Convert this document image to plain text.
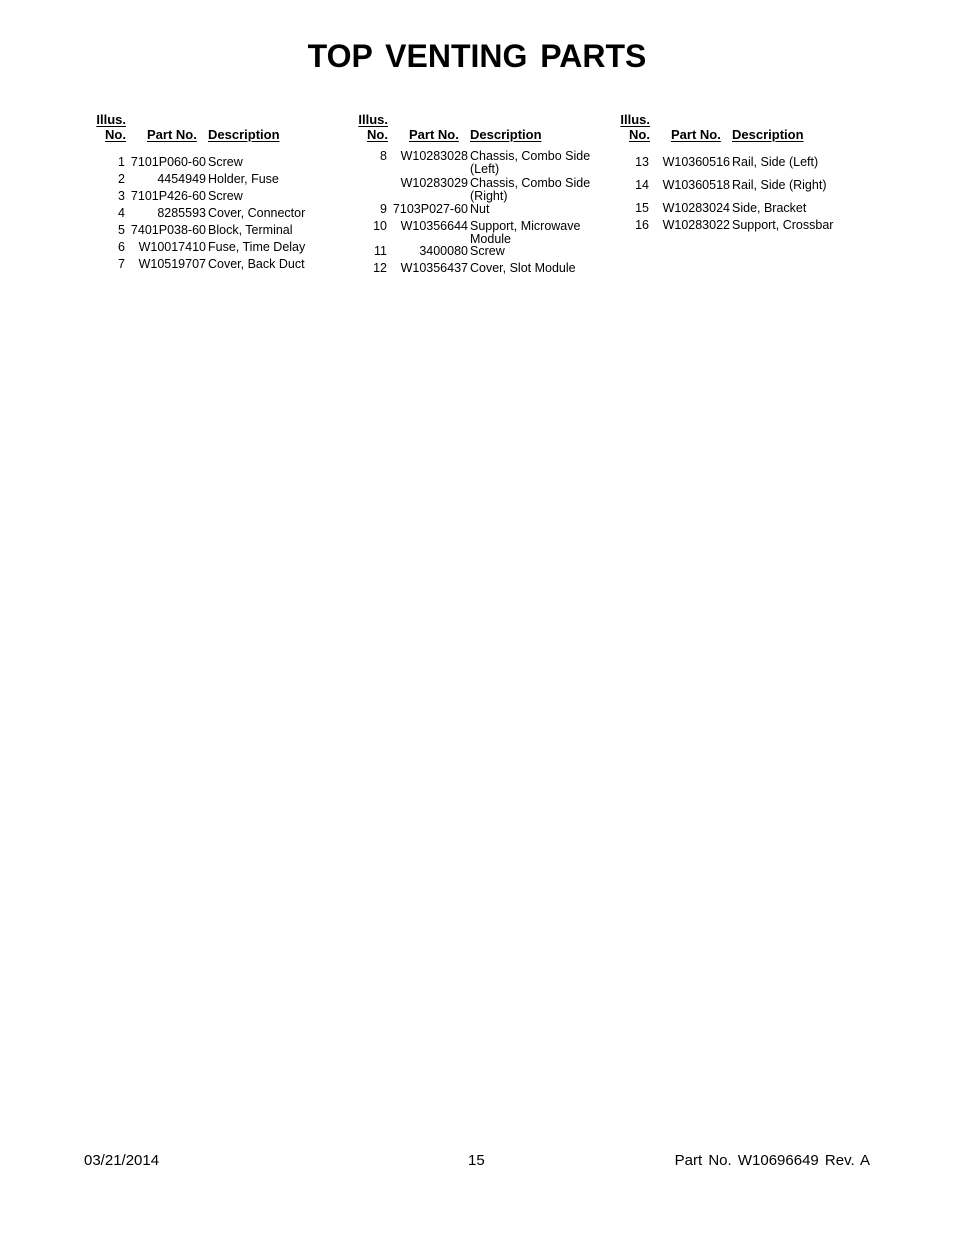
TOP VENTING PARTS
Illus.
No. Part No. Description
1 7101P060-60 Screw
2	4454949 Holder, Fuse
3 7101P426-60 Screw
4	8285593 Cover, Connector
5 7401P038-60 Block, Terminal
6 W10017410 Fuse, Time Delay
7 W10519707 Cover, Back Duct
Illus.
No. Part No. Description
8 W10283028 Chassis, Combo Side (Left)
W10283029 Chassis, Combo Side (Right)
9 7103P027-60 Nut
10 W10356644 Support, Microwave Module
11	3400080 Screw
12 W10356437 Cover, Slot Module
Illus.
No. Part No. Description
13 W10360516 Rail, Side (Left)
14 W10360518 Rail, Side (Right)
15 W10283024 Side, Bracket
16 W10283022 Support, Crossbar
03/21/2014	15	Part No. W10696649 Rev. A
